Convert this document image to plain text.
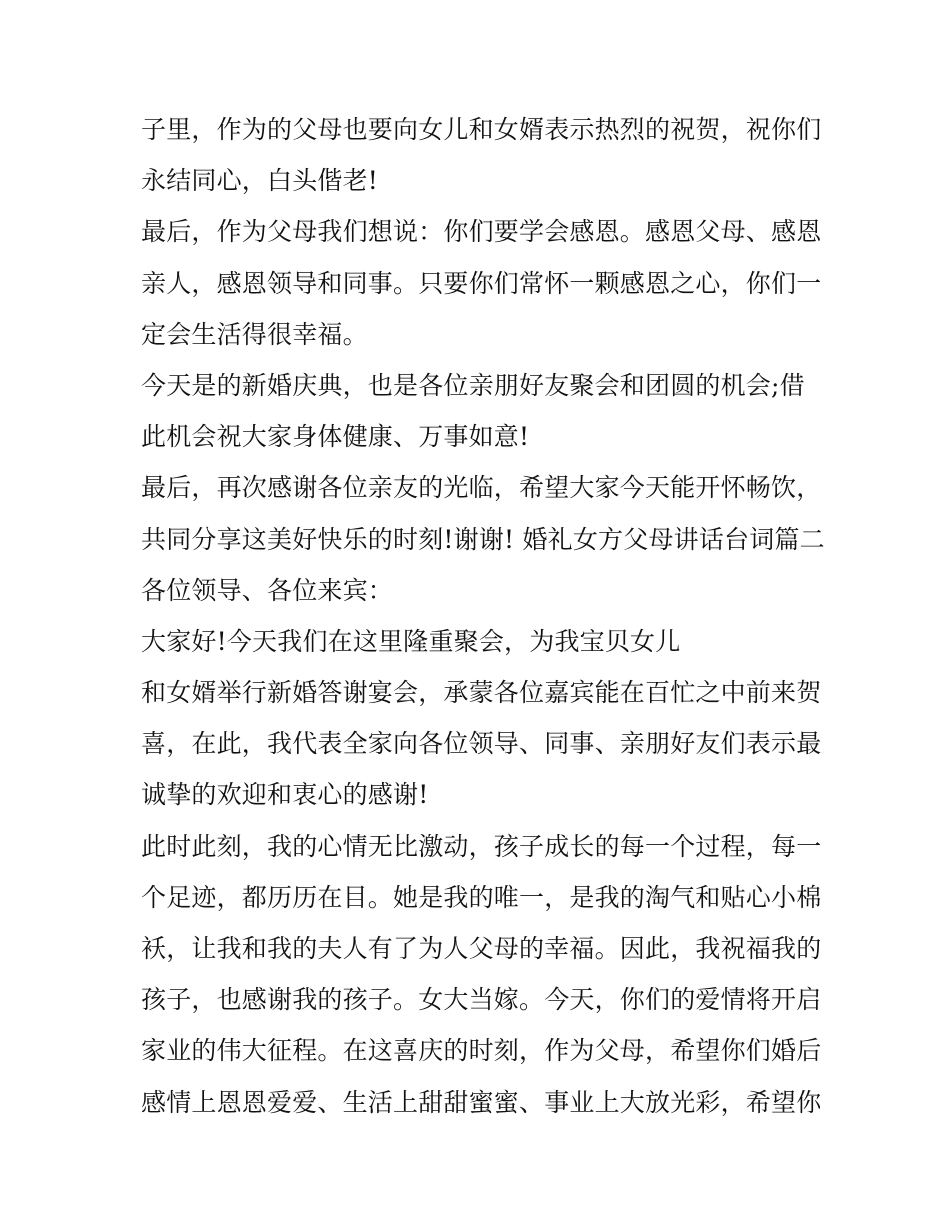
子里，作为的父母也要向女儿和女婿表示热烈的祝贺，祝你们
永结同心，白头偕老!
最后，作为父母我们想说：你们要学会感恩。感恩父母、感恩
亲人，感恩领导和同事。只要你们常怀一颗感恩之心，你们一
定会生活得很幸福。
今天是的新婚庆典，也是各位亲朋好友聚会和团圆的机会;借
此机会祝大家身体健康、万事如意!
最后，再次感谢各位亲友的光临，希望大家今天能开怀畅饮，
共同分享这美好快乐的时刻!谢谢! 婚礼女方父母讲话台词篇二
各位领导、各位来宾：
大家好!今天我们在这里隆重聚会，为我宝贝女儿
和女婿举行新婚答谢宴会，承蒙各位嘉宾能在百忙之中前来贺
喜，在此，我代表全家向各位领导、同事、亲朋好友们表示最
诚挚的欢迎和衷心的感谢!
此时此刻，我的心情无比激动，孩子成长的每一个过程，每一
个足迹，都历历在目。她是我的唯一，是我的淘气和贴心小棉
袄，让我和我的夫人有了为人父母的幸福。因此，我祝福我的
孩子，也感谢我的孩子。女大当嫁。今天，你们的爱情将开启
家业的伟大征程。在这喜庆的时刻，作为父母，希望你们婚后
感情上恩恩爱爱、生活上甜甜蜜蜜、事业上大放光彩，希望你
